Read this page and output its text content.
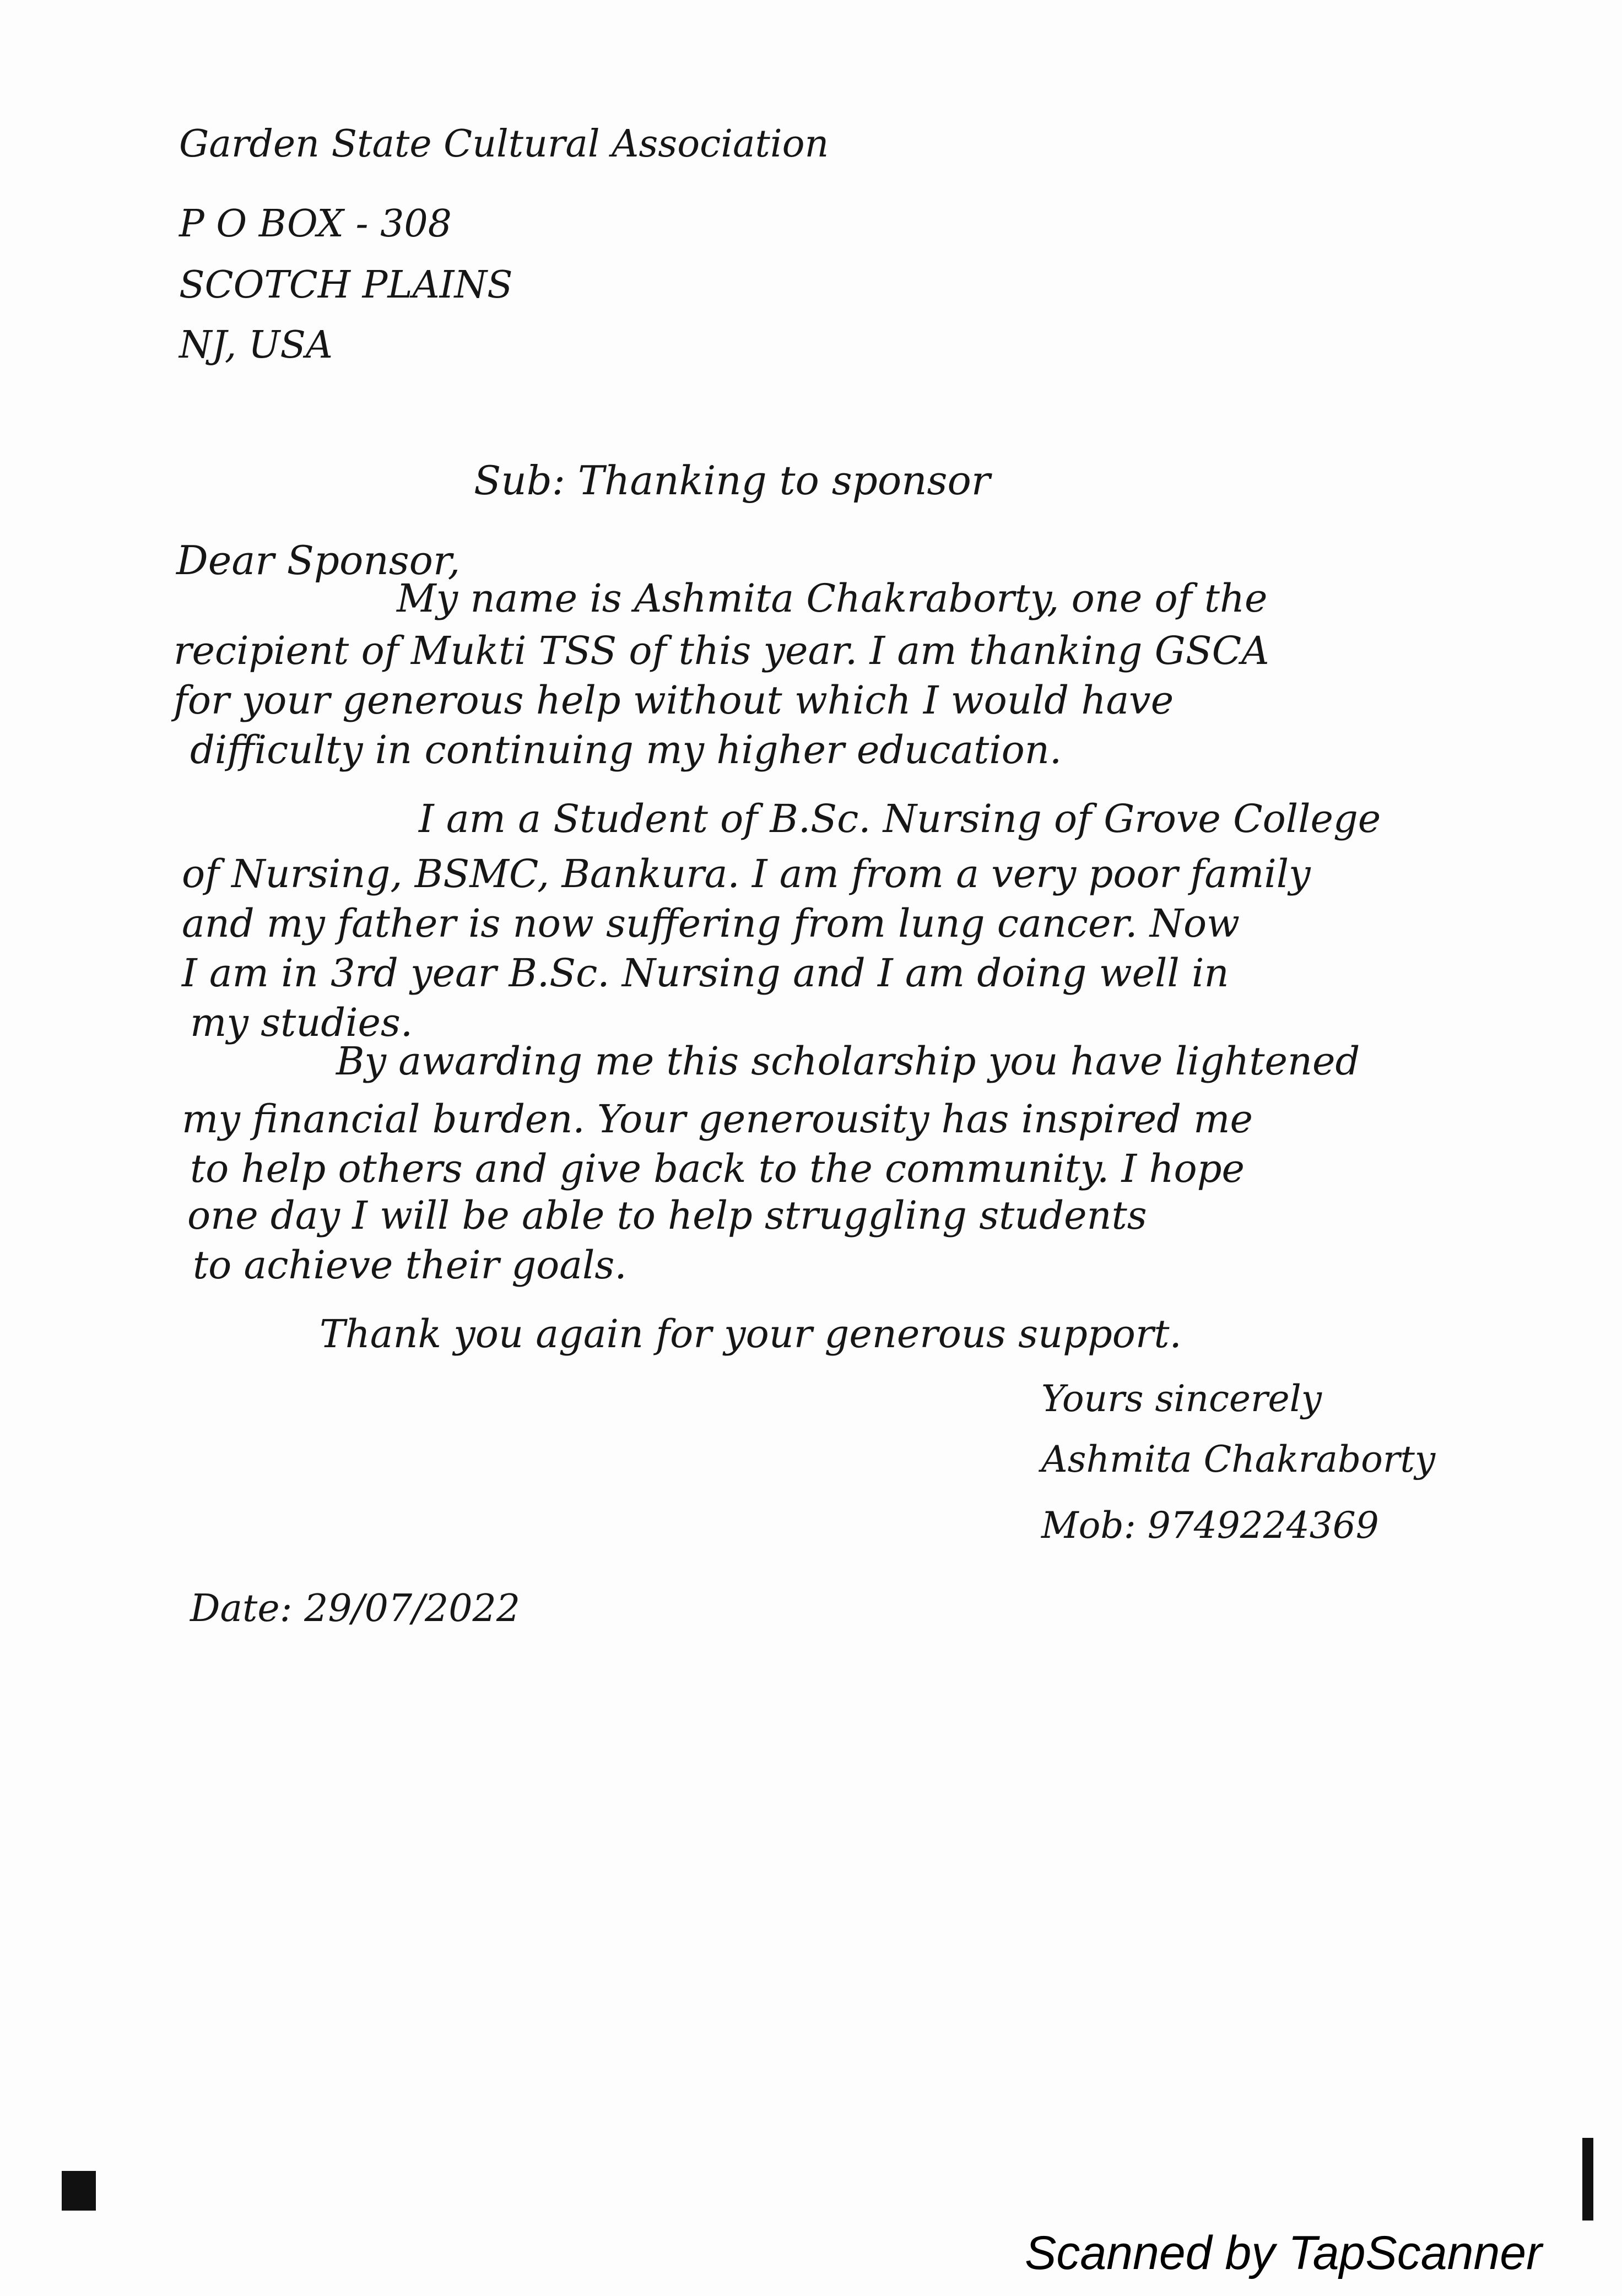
Garden State Cultural Association
P O BOX - 308
SCOTCH PLAINS
NJ, USA
Sub: Thanking to sponsor
Dear Sponsor,
My name is Ashmita Chakraborty, one of the
recipient of Mukti TSS of this year. I am thanking GSCA
for your generous help without which I would have
difficulty in continuing my higher education.
I am a Student of B.Sc. Nursing of Grove College
of Nursing, BSMC, Bankura. I am from a very poor family
and my father is now suffering from lung cancer. Now
I am in 3rd year B.Sc. Nursing and I am doing well in
my studies.
By awarding me this scholarship you have lightened
my financial burden. Your generousity has inspired me
to help others and give back to the community. I hope
one day I will be able to help struggling students
to achieve their goals.
Thank you again for your generous support.
Yours sincerely
Ashmita Chakraborty
Mob: 9749224369
Date: 29/07/2022
Scanned by TapScanner
